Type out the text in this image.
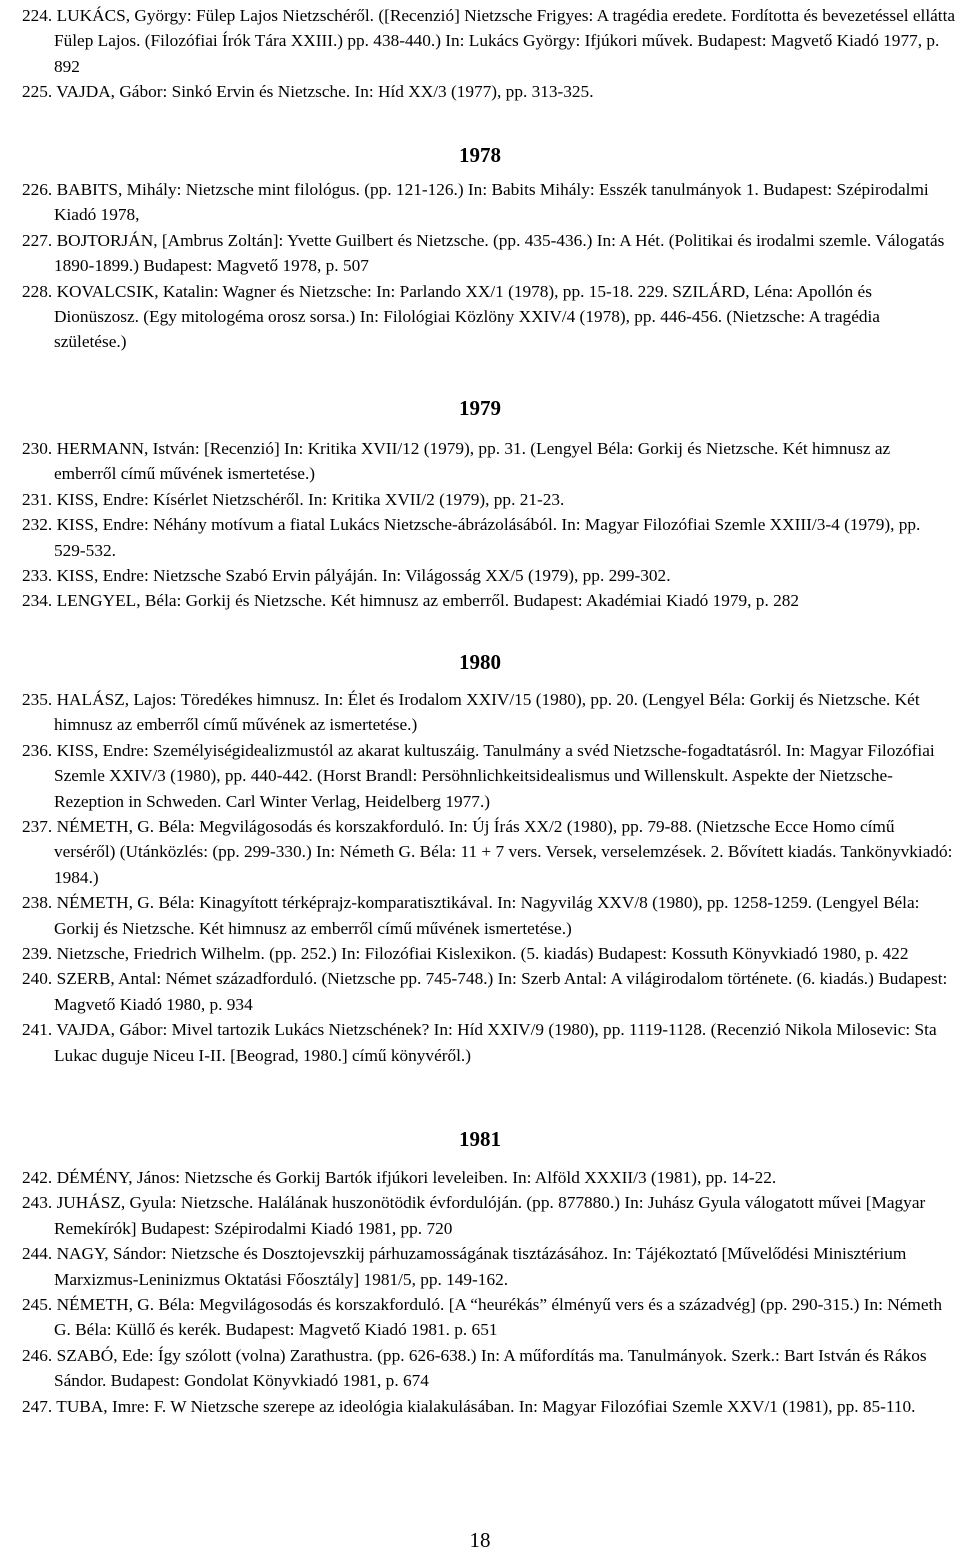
224. LUKÁCS, György: Fülep Lajos Nietzschéről. ([Recenzió] Nietzsche Frigyes: A tragédia eredete. Fordította és bevezetéssel ellátta Fülep Lajos. (Filozófiai Írók Tára XXIII.) pp. 438-440.) In: Lukács György: Ifjúkori művek. Budapest: Magvető Kiadó 1977, p. 892

225. VAJDA, Gábor: Sinkó Ervin és Nietzsche. In: Híd XX/3 (1977), pp. 313-325.

1978

226. BABITS, Mihály: Nietzsche mint filológus. (pp. 121-126.) In: Babits Mihály: Esszék tanulmányok 1. Budapest: Szépirodalmi Kiadó 1978,

227. BOJTORJÁN, [Ambrus Zoltán]: Yvette Guilbert és Nietzsche. (pp. 435-436.) In: A Hét. (Politikai és irodalmi szemle. Válogatás 1890-1899.) Budapest: Magvető 1978, p. 507

228. KOVALCSIK, Katalin: Wagner és Nietzsche: In: Parlando XX/1 (1978), pp. 15-18. 229. SZILÁRD, Léna: Apollón és Dionüszosz. (Egy mitologéma orosz sorsa.) In: Filológiai Közlöny XXIV/4 (1978), pp. 446-456. (Nietzsche: A tragédia születése.)

1979

230. HERMANN, István: [Recenzió] In: Kritika XVII/12 (1979), pp. 31. (Lengyel Béla: Gorkij és Nietzsche. Két himnusz az emberről című művének ismertetése.)

231. KISS, Endre: Kísérlet Nietzschéről. In: Kritika XVII/2 (1979), pp. 21-23.

232. KISS, Endre: Néhány motívum a fiatal Lukács Nietzsche-ábrázolásából. In: Magyar Filozófiai Szemle XXIII/3-4 (1979), pp. 529-532.

233. KISS, Endre: Nietzsche Szabó Ervin pályáján. In: Világosság XX/5 (1979), pp. 299-302.

234. LENGYEL, Béla: Gorkij és Nietzsche. Két himnusz az emberről. Budapest: Akadémiai Kiadó 1979, p. 282

1980

235. HALÁSZ, Lajos: Töredékes himnusz. In: Élet és Irodalom XXIV/15 (1980), pp. 20. (Lengyel Béla: Gorkij és Nietzsche. Két himnusz az emberről című művének az ismertetése.)

236. KISS, Endre: Személyiségidealizmustól az akarat kultuszáig. Tanulmány a svéd Nietzsche-fogadtatásról. In: Magyar Filozófiai Szemle XXIV/3 (1980), pp. 440-442. (Horst Brandl: Persöhnlichkeitsidealismus und Willenskult. Aspekte der Nietzsche-Rezeption in Schweden. Carl Winter Verlag, Heidelberg 1977.)

237. NÉMETH, G. Béla: Megvilágosodás és korszakforduló. In: Új Írás XX/2 (1980), pp. 79-88. (Nietzsche Ecce Homo című verséről) (Utánközlés: (pp. 299-330.) In: Németh G. Béla: 11 + 7 vers. Versek, verselemzések. 2. Bővített kiadás. Tankönyvkiadó: 1984.)

238. NÉMETH, G. Béla: Kinagyított térképrajz-komparatisztikával. In: Nagyvilág XXV/8 (1980), pp. 1258-1259. (Lengyel Béla: Gorkij és Nietzsche. Két himnusz az emberről című művének ismertetése.)

239. Nietzsche, Friedrich Wilhelm. (pp. 252.) In: Filozófiai Kislexikon. (5. kiadás) Budapest: Kossuth Könyvkiadó 1980, p. 422

240. SZERB, Antal: Német századforduló. (Nietzsche pp. 745-748.) In: Szerb Antal: A világirodalom története. (6. kiadás.) Budapest: Magvető Kiadó 1980, p. 934

241. VAJDA, Gábor: Mivel tartozik Lukács Nietzschének? In: Híd XXIV/9 (1980), pp. 1119-1128. (Recenzió Nikola Milosevic: Sta Lukac duguje Niceu I-II. [Beograd, 1980.] című könyvéről.)

1981

242. DÉMÉNY, János: Nietzsche és Gorkij Bartók ifjúkori leveleiben. In: Alföld XXXII/3 (1981), pp. 14-22.

243. JUHÁSZ, Gyula: Nietzsche. Halálának huszonötödik évfordulóján. (pp. 877880.) In: Juhász Gyula válogatott művei [Magyar Remekírók] Budapest: Szépirodalmi Kiadó 1981, pp. 720

244. NAGY, Sándor: Nietzsche és Dosztojevszkij párhuzamosságának tisztázásához. In: Tájékoztató [Művelődési Minisztérium Marxizmus-Leninizmus Oktatási Főosztály] 1981/5, pp. 149-162.

245. NÉMETH, G. Béla: Megvilágosodás és korszakforduló. [A “heurékás” élményű vers és a századvég] (pp. 290-315.) In: Németh G. Béla: Küllő és kerék. Budapest: Magvető Kiadó 1981. p. 651

246. SZABÓ, Ede: Így szólott (volna) Zarathustra. (pp. 626-638.) In: A műfordítás ma. Tanulmányok. Szerk.: Bart István és Rákos Sándor. Budapest: Gondolat Könyvkiadó 1981, p. 674

247. TUBA, Imre: F. W Nietzsche szerepe az ideológia kialakulásában. In: Magyar Filozófiai Szemle XXV/1 (1981), pp. 85-110.

18
